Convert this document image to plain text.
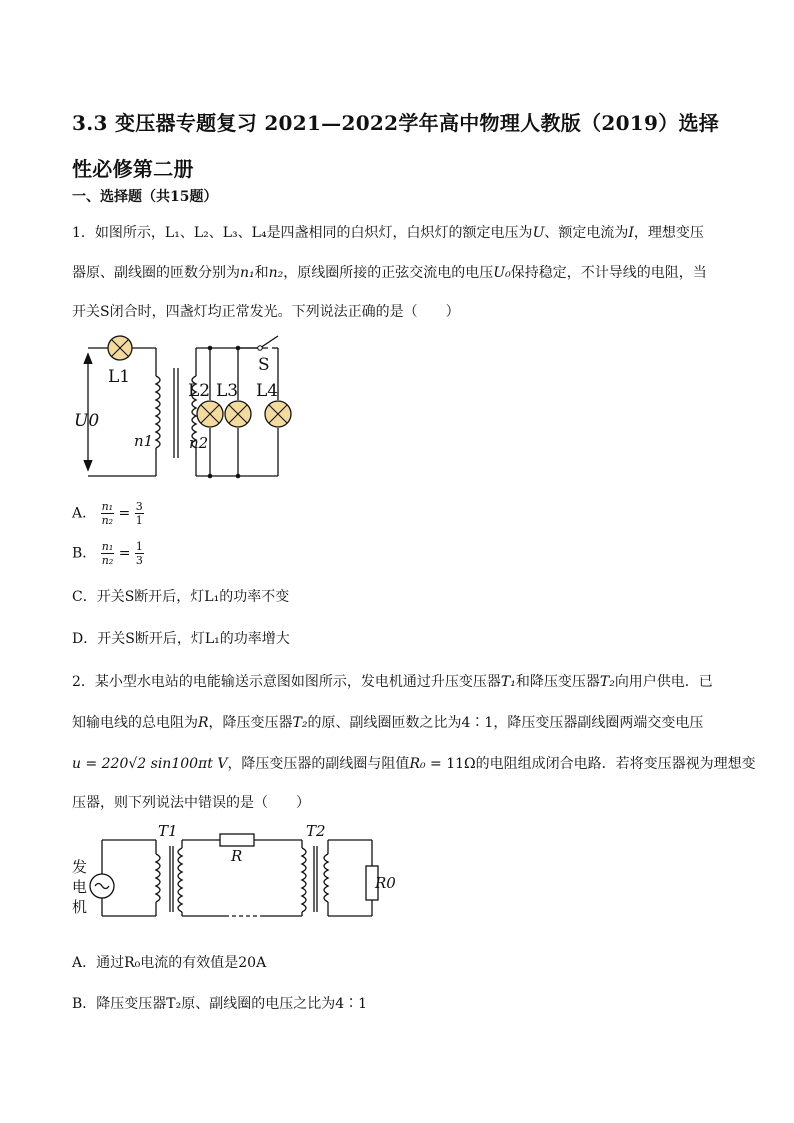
3.3 变压器专题复习 2021—2022学年高中物理人教版（2019）选择性必修第二册
一、选择题（共15题）
1．如图所示，L₁、L₂、L₃、L₄是四盏相同的白炽灯，白炽灯的额定电压为U、额定电流为I，理想变压
器原、副线圈的匝数分别为n₁和n₂，原线圈所接的正弦交流电的电压U₀保持稳定，不计导线的电阻，当
开关S闭合时，四盏灯均正常发光。下列说法正确的是（　　）
L1
L2 L3 L4
S
U0
n1 n2
A． $\frac{\text{n₁}}{\text{n₂}} = \frac{3}{1}$
B． $\frac{\text{n₁}}{\text{n₂}} = \frac{1}{3}$
C．开关S断开后，灯L₁的功率不变
D．开关S断开后，灯L₁的功率增大
2．某小型水电站的电能输送示意图如图所示，发电机通过升压变压器T₁和降压变压器T₂向用户供电．已
知输电线的总电阻为R，降压变压器T₂的原、副线圈匝数之比为4∶1，降压变压器副线圈两端交变电压
u = 220√2 sin100πt V，降压变压器的副线圈与阻值R₀ = 11Ω的电阻组成闭合电路．若将变压器视为理想变
压器，则下列说法中错误的是（　　）
发
电
机
T1	T2
R
R0
A．通过R₀电流的有效值是20A
B．降压变压器T₂原、副线圈的电压之比为4∶1
